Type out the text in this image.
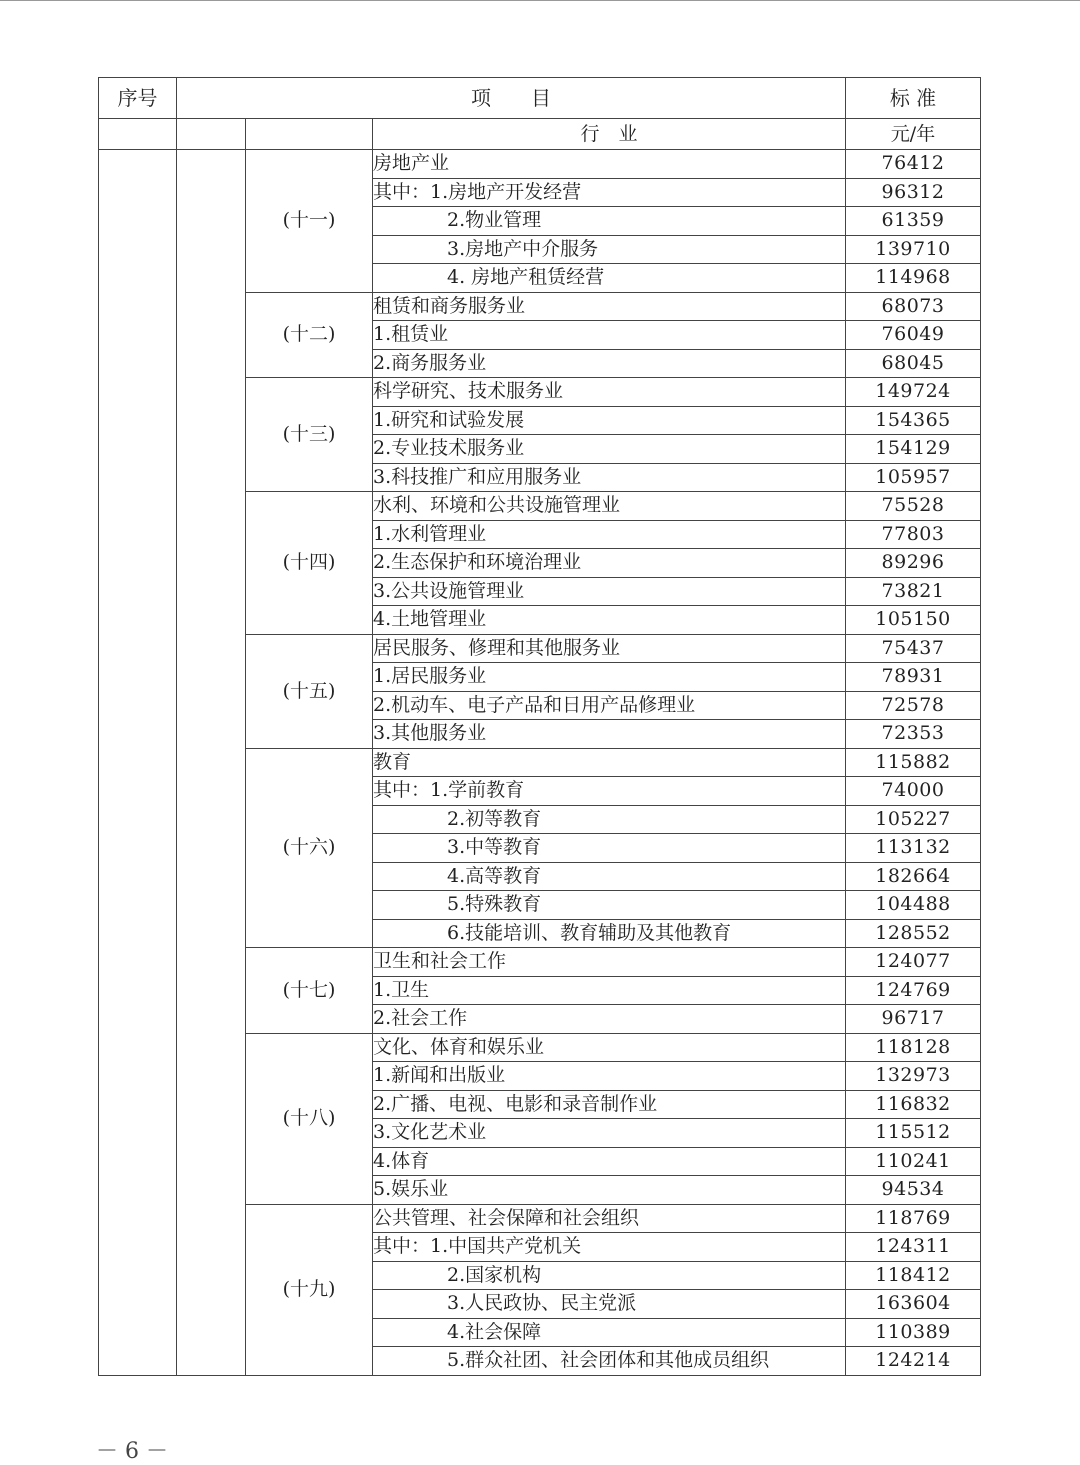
序号	项　　目			标 准
			行　业	元/年
		(十一)	房地产业	76412
			其中：1.房地产开发经营	96312
			2.物业管理	61359
			3.房地产中介服务	139710
			4. 房地产租赁经营	114968
		(十二)	租赁和商务服务业	68073
			1.租赁业	76049
			2.商务服务业	68045
		(十三)	科学研究、技术服务业	149724
			1.研究和试验发展	154365
			2.专业技术服务业	154129
			3.科技推广和应用服务业	105957
		(十四)	水利、环境和公共设施管理业	75528
			1.水利管理业	77803
			2.生态保护和环境治理业	89296
			3.公共设施管理业	73821
			4.土地管理业	105150
		(十五)	居民服务、修理和其他服务业	75437
			1.居民服务业	78931
			2.机动车、电子产品和日用产品修理业	72578
			3.其他服务业	72353
		(十六)	教育	115882
			其中：1.学前教育	74000
			2.初等教育	105227
			3.中等教育	113132
			4.高等教育	182664
			5.特殊教育	104488
			6.技能培训、教育辅助及其他教育	128552
		(十七)	卫生和社会工作	124077
			1.卫生	124769
			2.社会工作	96717
		(十八)	文化、体育和娱乐业	118128
			1.新闻和出版业	132973
			2.广播、电视、电影和录音制作业	116832
			3.文化艺术业	115512
			4.体育	110241
			5.娱乐业	94534
		(十九)	公共管理、社会保障和社会组织	118769
			其中：1.中国共产党机关	124311
			2.国家机构	118412
			3.人民政协、民主党派	163604
			4.社会保障	110389
			5.群众社团、社会团体和其他成员组织	124214
－ 6 －
